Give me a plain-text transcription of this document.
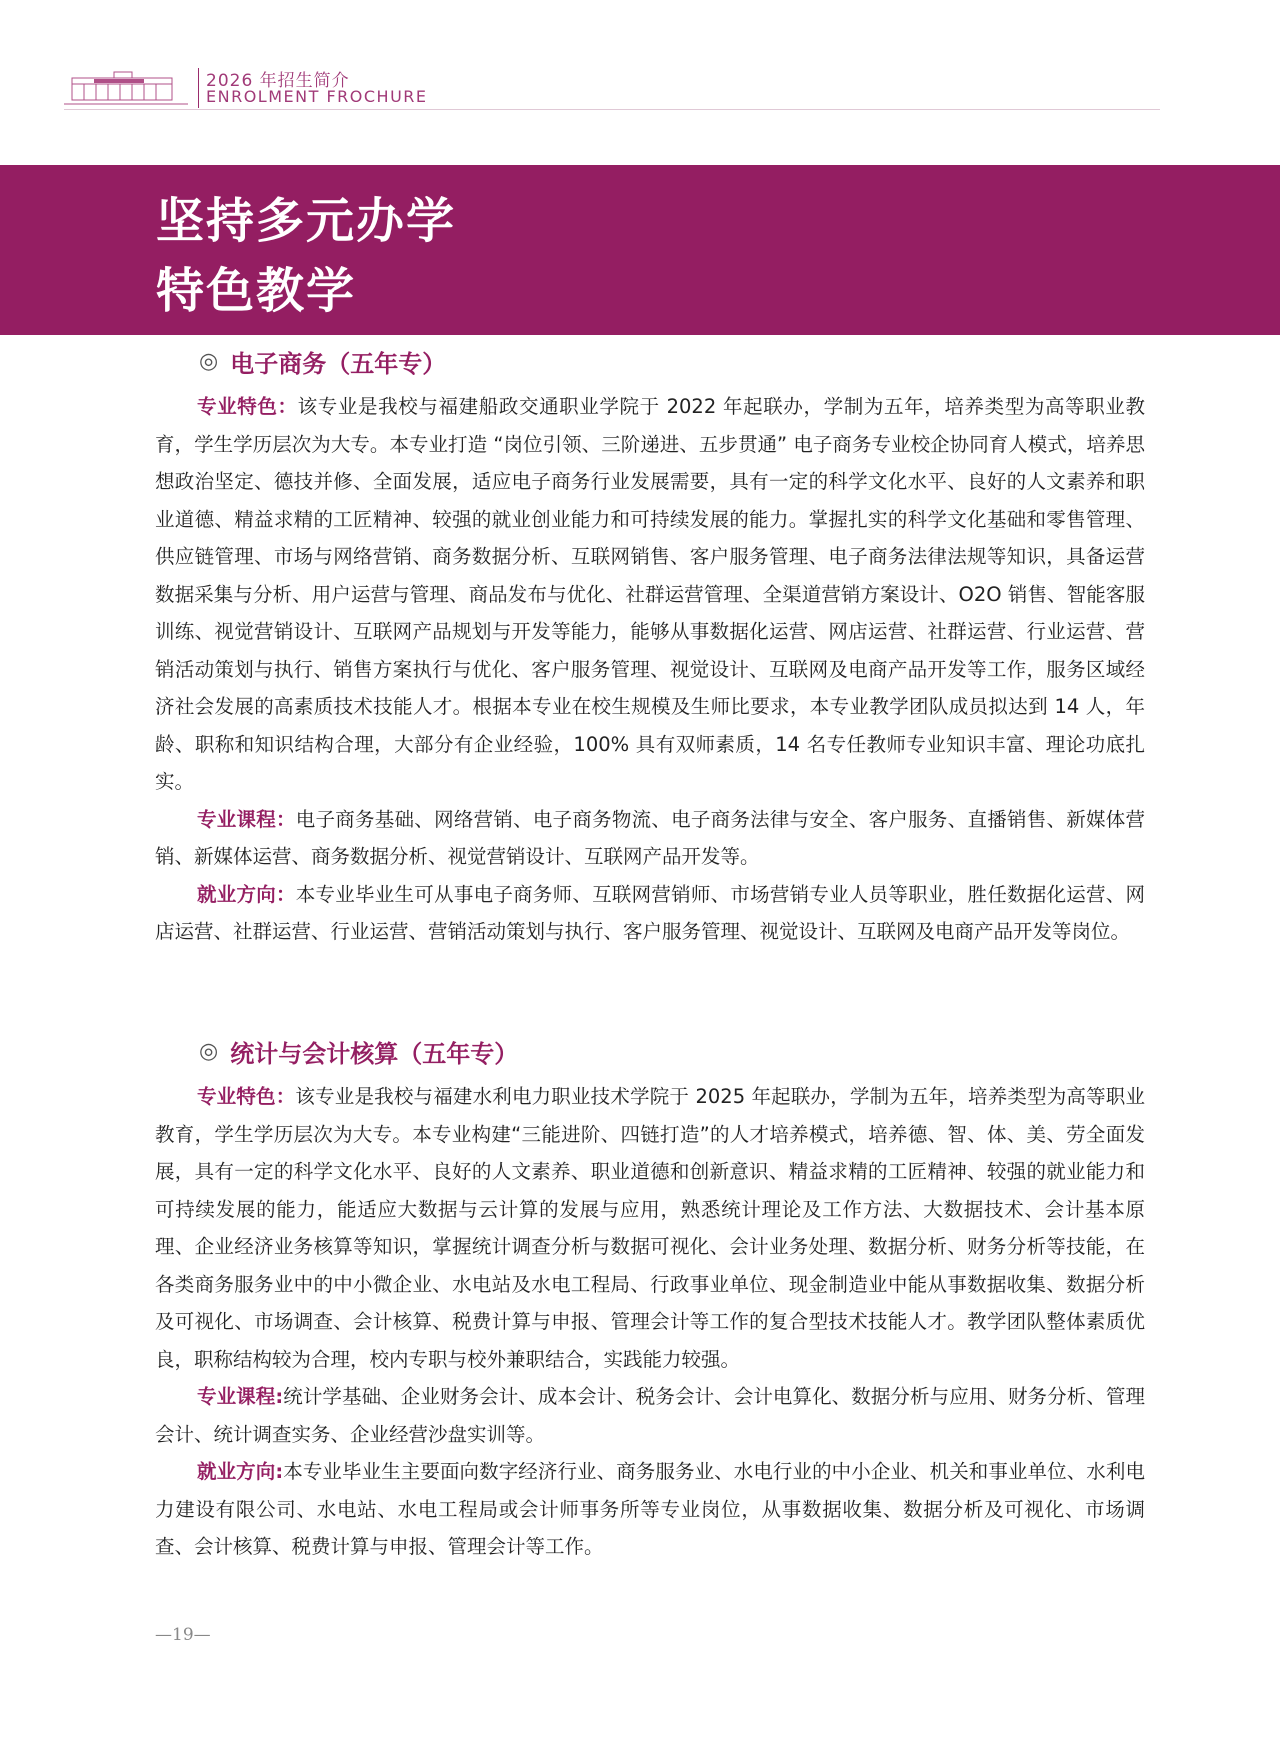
2026 年招生简介
ENROLMENT FROCHURE
坚持多元办学
特色教学
◎ 电子商务（五年专）

专业特色：该专业是我校与福建船政交通职业学院于 2022 年起联办，学制为五年，培养类型为高等职业教育，学生学历层次为大专。本专业打造 “岗位引领、三阶递进、五步贯通” 电子商务专业校企协同育人模式，培养思想政治坚定、德技并修、全面发展，适应电子商务行业发展需要，具有一定的科学文化水平、良好的人文素养和职业道德、精益求精的工匠精神、较强的就业创业能力和可持续发展的能力。掌握扎实的科学文化基础和零售管理、供应链管理、市场与网络营销、商务数据分析、互联网销售、客户服务管理、电子商务法律法规等知识，具备运营数据采集与分析、用户运营与管理、商品发布与优化、社群运营管理、全渠道营销方案设计、O2O 销售、智能客服训练、视觉营销设计、互联网产品规划与开发等能力，能够从事数据化运营、网店运营、社群运营、行业运营、营销活动策划与执行、销售方案执行与优化、客户服务管理、视觉设计、互联网及电商产品开发等工作，服务区域经济社会发展的高素质技术技能人才。根据本专业在校生规模及生师比要求，本专业教学团队成员拟达到 14 人，年龄、职称和知识结构合理，大部分有企业经验，100% 具有双师素质，14 名专任教师专业知识丰富、理论功底扎实。

专业课程：电子商务基础、网络营销、电子商务物流、电子商务法律与安全、客户服务、直播销售、新媒体营销、新媒体运营、商务数据分析、视觉营销设计、互联网产品开发等。

就业方向：本专业毕业生可从事电子商务师、互联网营销师、市场营销专业人员等职业，胜任数据化运营、网店运营、社群运营、行业运营、营销活动策划与执行、客户服务管理、视觉设计、互联网及电商产品开发等岗位。

◎ 统计与会计核算（五年专）

专业特色：该专业是我校与福建水利电力职业技术学院于 2025 年起联办，学制为五年，培养类型为高等职业教育，学生学历层次为大专。本专业构建“三能进阶、四链打造”的人才培养模式，培养德、智、体、美、劳全面发展，具有一定的科学文化水平、良好的人文素养、职业道德和创新意识、精益求精的工匠精神、较强的就业能力和可持续发展的能力，能适应大数据与云计算的发展与应用，熟悉统计理论及工作方法、大数据技术、会计基本原理、企业经济业务核算等知识，掌握统计调查分析与数据可视化、会计业务处理、数据分析、财务分析等技能，在各类商务服务业中的中小微企业、水电站及水电工程局、行政事业单位、现金制造业中能从事数据收集、数据分析及可视化、市场调查、会计核算、税费计算与申报、管理会计等工作的复合型技术技能人才。教学团队整体素质优良，职称结构较为合理，校内专职与校外兼职结合，实践能力较强。

专业课程:统计学基础、企业财务会计、成本会计、税务会计、会计电算化、数据分析与应用、财务分析、管理会计、统计调查实务、企业经营沙盘实训等。

就业方向:本专业毕业生主要面向数字经济行业、商务服务业、水电行业的中小企业、机关和事业单位、水利电力建设有限公司、水电站、水电工程局或会计师事务所等专业岗位，从事数据收集、数据分析及可视化、市场调查、会计核算、税费计算与申报、管理会计等工作。

—19—
